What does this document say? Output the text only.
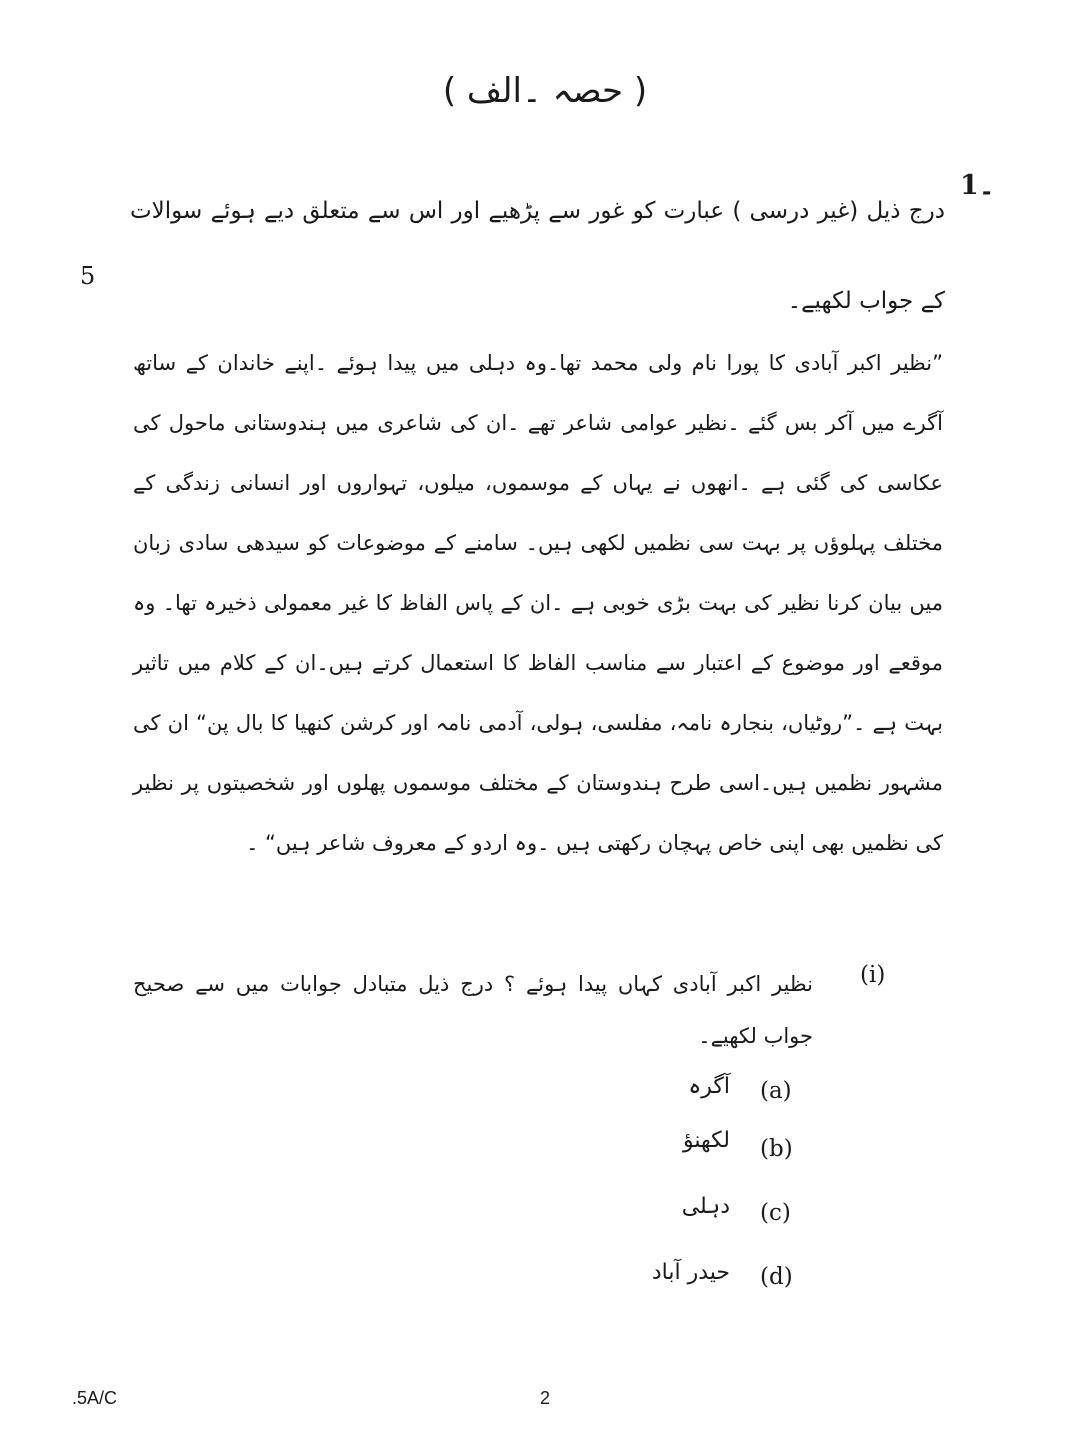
( حصہ ۔الف )
1۔
درج ذیل (غیر درسی ) عبارت کو غور سے پڑھیے اور اس سے متعلق دیے ہوئے سوالات کے جواب لکھیے۔
5
”نظیر اکبر آبادی کا پورا نام ولی محمد تھا۔وہ دہلی میں پیدا ہوئے ۔اپنے خاندان کے ساتھ آگرے میں آکر بس گئے ۔نظیر عوامی شاعر تھے ۔ان کی شاعری میں ہندوستانی ماحول کی عکاسی کی گئی ہے ۔انھوں نے یہاں کے موسموں، میلوں، تہواروں اور انسانی زندگی کے مختلف پہلوؤں پر بہت سی نظمیں لکھی ہیں۔ سامنے کے موضوعات کو سیدھی سادی زبان میں بیان کرنا نظیر کی بہت بڑی خوبی ہے ۔ان کے پاس الفاظ کا غیر معمولی ذخیرہ تھا۔ وہ موقعے اور موضوع کے اعتبار سے مناسب الفاظ کا استعمال کرتے ہیں۔ان کے کلام میں تاثیر بہت ہے ۔”روٹیاں، بنجارہ نامہ، مفلسی، ہولی، آدمی نامہ اور کرشن کنھیا کا بال پن“ ان کی مشہور نظمیں ہیں۔اسی طرح ہندوستان کے مختلف موسموں پھلوں اور شخصیتوں پر نظیر کی نظمیں بھی اپنی خاص پہچان رکھتی ہیں ۔وہ اردو کے معروف شاعر ہیں“ ۔
(i)
نظیر اکبر آبادی کہاں پیدا ہوئے ؟ درج ذیل متبادل جوابات میں سے صحیح جواب لکھیے۔
(a)
آگرہ
(b)
لکھنؤ
(c)
دہلی
(d)
حیدر آباد
.5A/C	2
